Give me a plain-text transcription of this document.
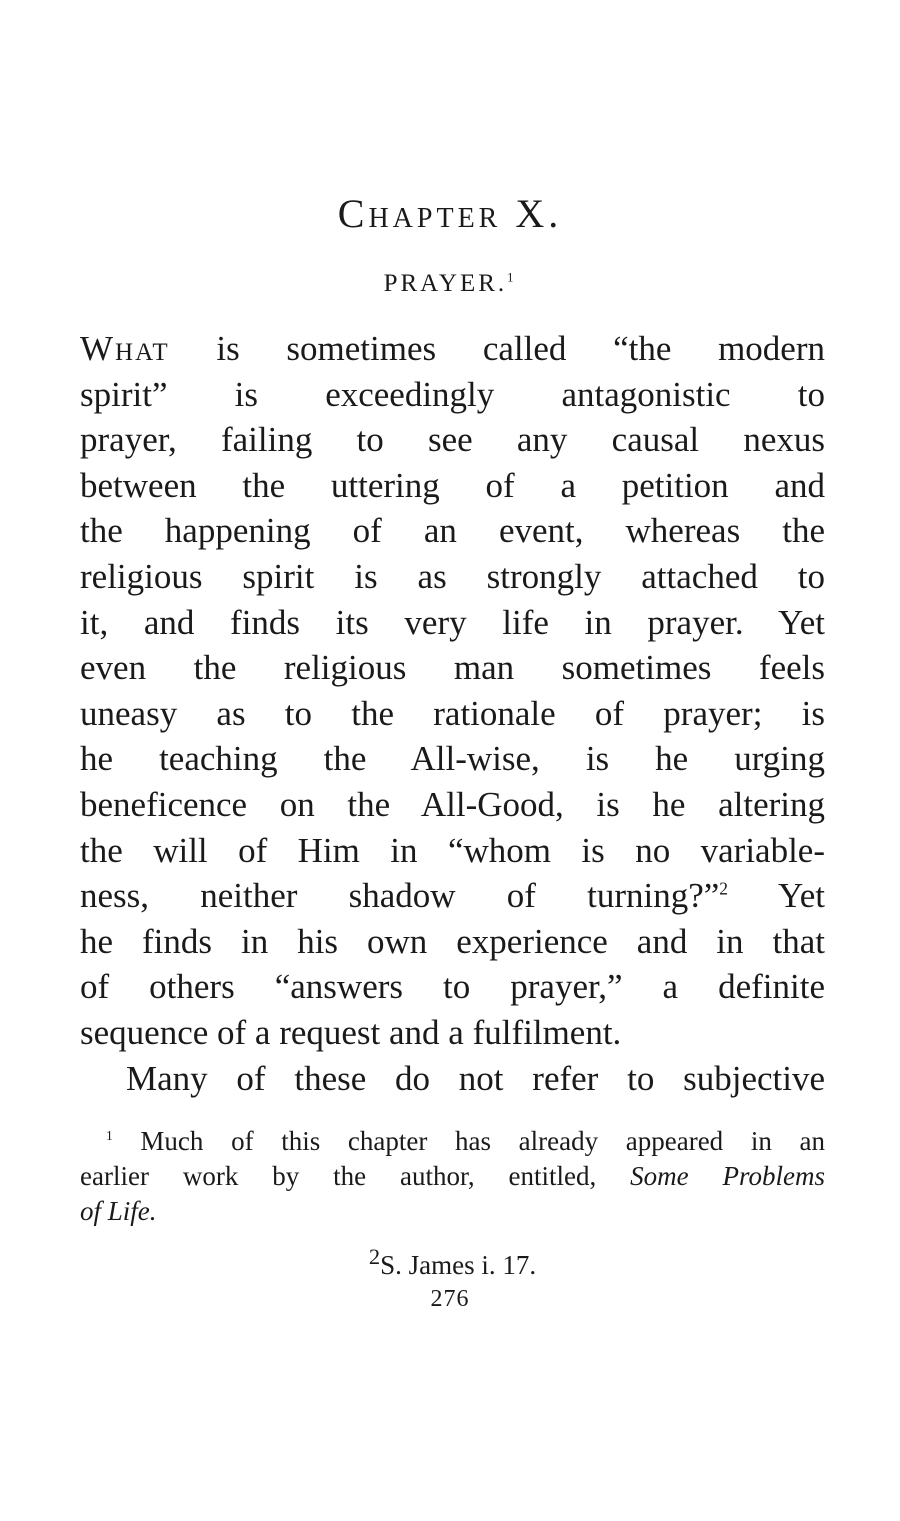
Chapter X.
PRAYER.$^1$
What is sometimes called “the modern
spirit” is exceedingly antagonistic to
prayer, failing to see any causal nexus
between the uttering of a petition and
the happening of an event, whereas the
religious spirit is as strongly attached to
it, and finds its very life in prayer. Yet
even the religious man sometimes feels
uneasy as to the rationale of prayer; is
he teaching the All-wise, is he urging
beneficence on the All-Good, is he altering
the will of Him in “whom is no variable-
ness, neither shadow of turning?”$^2$ Yet
he finds in his own experience and in that
of others “answers to prayer,” a definite
sequence of a request and a fulfilment.
Many of these do not refer to subjective
$^1$ Much of this chapter has already appeared in an
earlier work by the author, entitled, Some Problems
of Life.
$^2$S. James i. 17.
276
